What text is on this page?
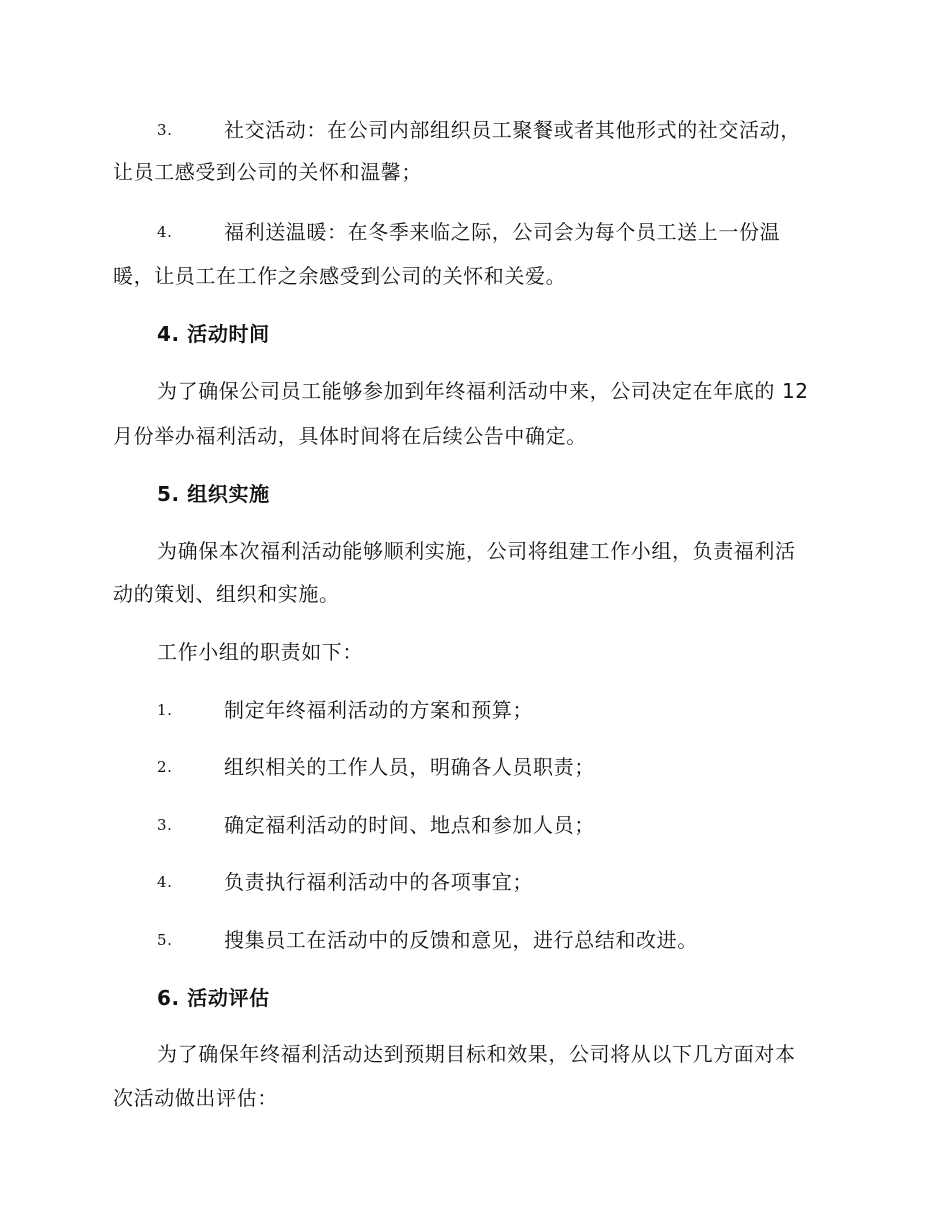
3.	社交活动：在公司内部组织员工聚餐或者其他形式的社交活动，
让员工感受到公司的关怀和温馨；
4.	福利送温暖：在冬季来临之际，公司会为每个员工送上一份温
暖，让员工在工作之余感受到公司的关怀和关爱。
4. 活动时间
为了确保公司员工能够参加到年终福利活动中来，公司决定在年底的 12
月份举办福利活动，具体时间将在后续公告中确定。
5. 组织实施
为确保本次福利活动能够顺利实施，公司将组建工作小组，负责福利活
动的策划、组织和实施。
工作小组的职责如下：
1.	制定年终福利活动的方案和预算；
2.	组织相关的工作人员，明确各人员职责；
3.	确定福利活动的时间、地点和参加人员；
4.	负责执行福利活动中的各项事宜；
5.	搜集员工在活动中的反馈和意见，进行总结和改进。
6. 活动评估
为了确保年终福利活动达到预期目标和效果，公司将从以下几方面对本
次活动做出评估：
